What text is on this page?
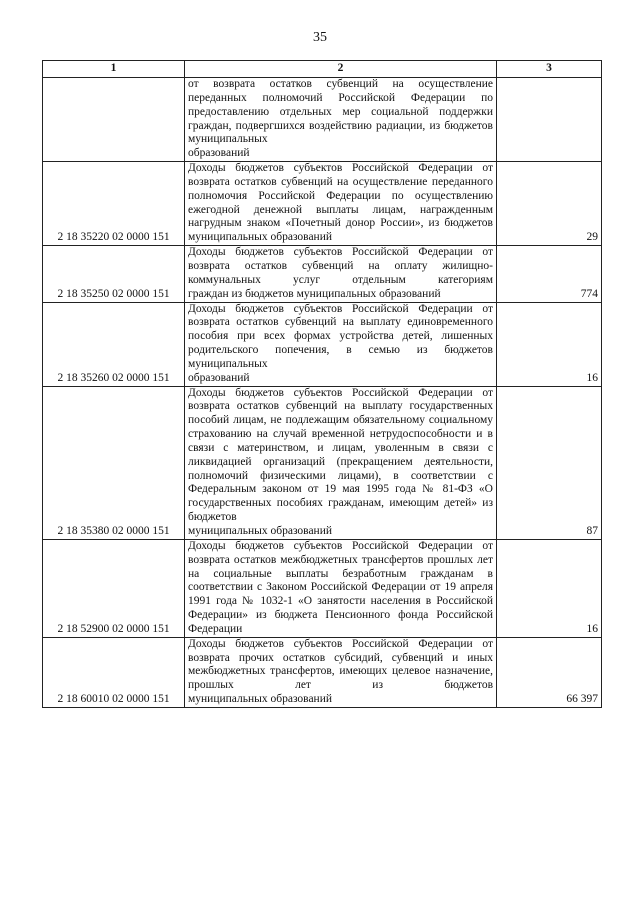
35
1	2	3
	от возврата остатков субвенций на осуществление переданных полномочий Российской Федерации по предоставлению отдельных мер социальной поддержки граждан, подвергшихся воздействию радиации, из бюджетов муниципальных
образований	

2 18 35220 02 0000 151	Доходы бюджетов субъектов Российской Федерации от возврата остатков субвенций на осуществление переданного полномочия Российской Федерации по осуществлению ежегодной денежной выплаты лицам, награжденным нагрудным знаком «Почетный донор России», из бюджетов
муниципальных образований	29
2 18 35250 02 0000 151	Доходы бюджетов субъектов Российской Федерации от возврата остатков субвенций на оплату жилищно-коммунальных услуг отдельным категориям
граждан из бюджетов муниципальных образований	774
2 18 35260 02 0000 151	Доходы бюджетов субъектов Российской Федерации от возврата остатков субвенций на выплату единовременного пособия при всех формах устройства детей, лишенных родительского попечения, в семью из бюджетов муниципальных
образований	16
2 18 35380 02 0000 151	Доходы бюджетов субъектов Российской Федерации от возврата остатков субвенций на выплату государственных пособий лицам, не подлежащим обязательному социальному страхованию на случай временной нетрудоспособности и в связи с материнством, и лицам, уволенным в связи с ликвидацией организаций (прекращением деятельности, полномочий физическими лицами), в соответствии с Федеральным законом от 19 мая 1995 года № 81-ФЗ «О государственных пособиях гражданам, имеющим детей» из бюджетов
муниципальных образований	87
2 18 52900 02 0000 151	Доходы бюджетов субъектов Российской Федерации от возврата остатков межбюджетных трансфертов прошлых лет на социальные выплаты безработным гражданам в соответствии с Законом Российской Федерации от 19 апреля 1991 года № 1032-1 «О занятости населения в Российской Федерации» из бюджета Пенсионного фонда Российской
Федерации	16
2 18 60010 02 0000 151	Доходы бюджетов субъектов Российской Федерации от возврата прочих остатков субсидий, субвенций и иных межбюджетных трансфертов, имеющих целевое назначение, прошлых лет из бюджетов
муниципальных образований	66 397
